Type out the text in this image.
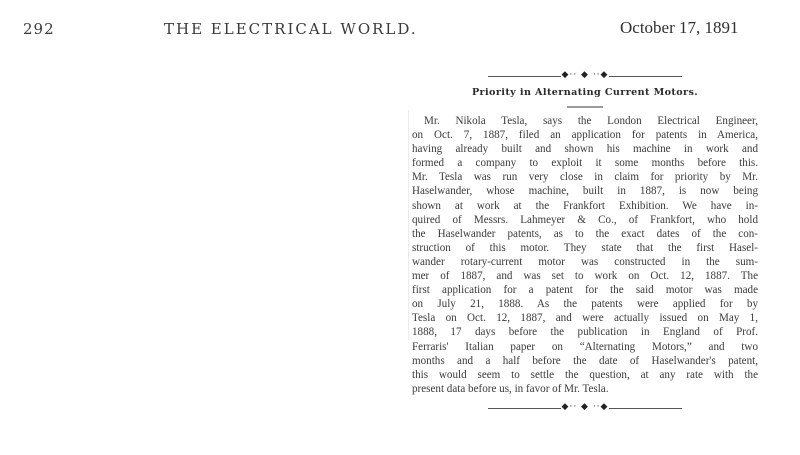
292	THE ELECTRICAL WORLD.	October 17, 1891
◆·· ◆ ··◆
Priority in Alternating Current Motors.
Mr. Nikola Tesla, says the London Electrical Engineer,
on Oct. 7, 1887, filed an application for patents in America,
having already built and shown his machine in work and
formed a company to exploit it some months before this.
Mr. Tesla was run very close in claim for priority by Mr.
Haselwander, whose machine, built in 1887, is now being
shown at work at the Frankfort Exhibition. We have in-
quired of Messrs. Lahmeyer & Co., of Frankfort, who hold
the Haselwander patents, as to the exact dates of the con-
struction of this motor. They state that the first Hasel-
wander rotary-current motor was constructed in the sum-
mer of 1887, and was set to work on Oct. 12, 1887. The
first application for a patent for the said motor was made
on July 21, 1888. As the patents were applied for by
Tesla on Oct. 12, 1887, and were actually issued on May 1,
1888, 17 days before the publication in England of Prof.
Ferraris' Italian paper on “Alternating Motors,” and two
months and a half before the date of Haselwander's patent,
this would seem to settle the question, at any rate with the
present data before us, in favor of Mr. Tesla.
◆·· ◆ ··◆
